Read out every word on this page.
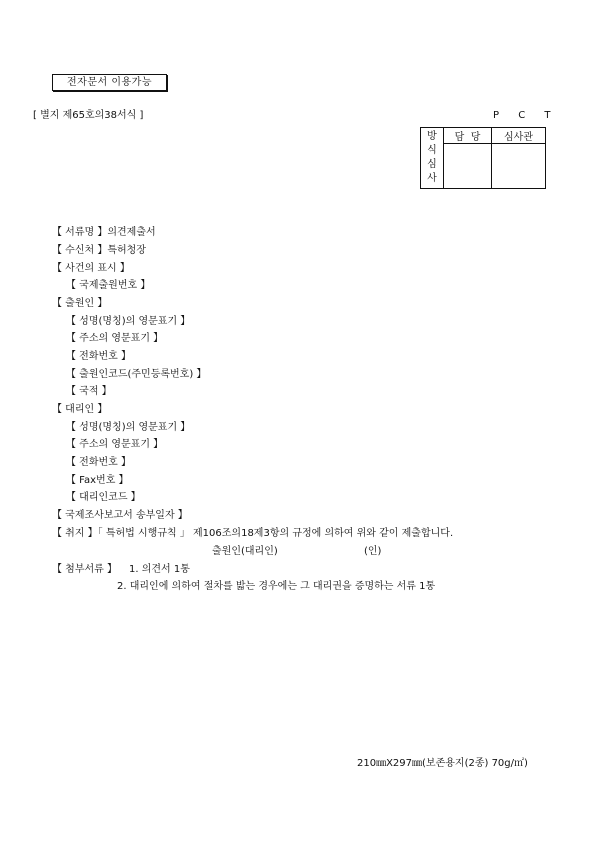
전자문서 이용가능
[ 별지 제65호의38서식 ]	P C T
방
식
심
사	담  당	심사관

【 서류명 】의견제출서
【 수신처 】특허청장
【 사건의 표시 】
【 국제출원번호 】
【 출원인 】
【 성명(명칭)의 영문표기 】
【 주소의 영문표기 】
【 전화번호 】
【 출원인코드(주민등록번호) 】
【 국적 】
【 대리인 】
【 성명(명칭)의 영문표기 】
【 주소의 영문표기 】
【 전화번호 】
【 Fax번호 】
【 대리인코드 】
【 국제조사보고서 송부일자 】
【 취지 】「 특허법 시행규칙 」 제106조의18제3항의 규정에 의하여 위와 같이 제출합니다.
출원인(대리인)	(인)
【 첨부서류 】 1. 의견서 1통
2. 대리인에 의하여 절차를 밟는 경우에는 그 대리권을 증명하는 서류 1통
210㎜X297㎜(보존용지(2종) 70g/㎡)
